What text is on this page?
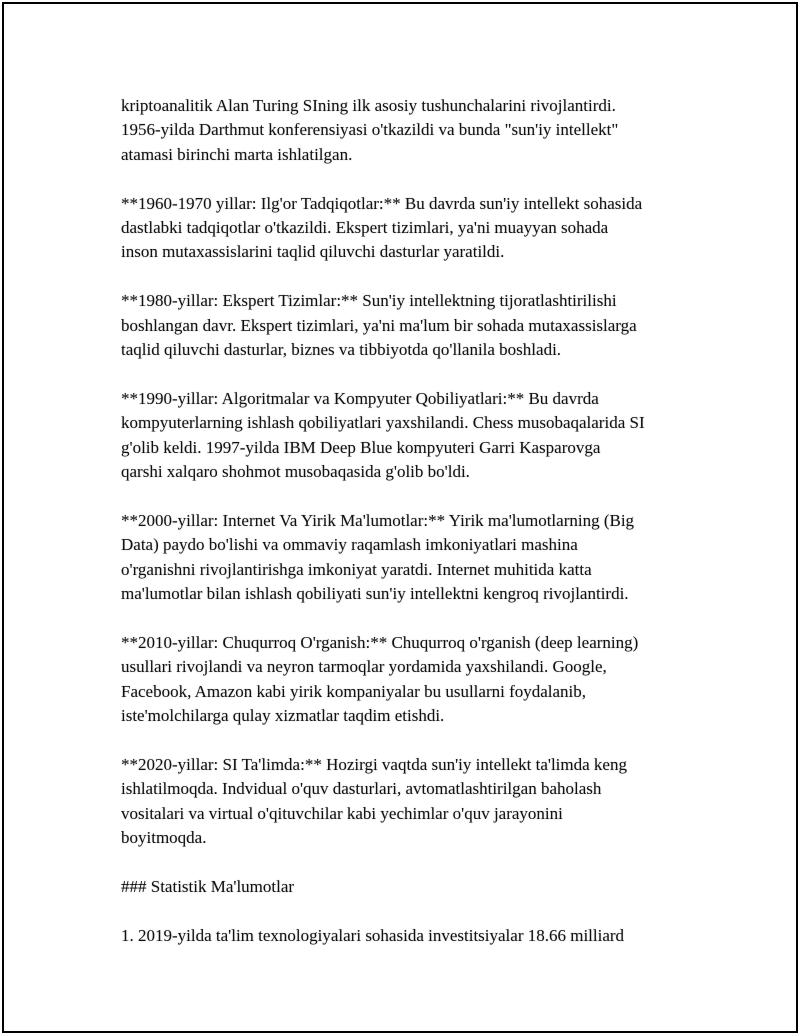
kriptoanalitik Alan Turing SIning ilk asosiy tushunchalarini rivojlantirdi.
1956-yilda Darthmut konferensiyasi o'tkazildi va bunda "sun'iy intellekt"
atamasi birinchi marta ishlatilgan.

**1960-1970 yillar: Ilg'or Tadqiqotlar:** Bu davrda sun'iy intellekt sohasida
dastlabki tadqiqotlar o'tkazildi. Ekspert tizimlari, ya'ni muayyan sohada
inson mutaxassislarini taqlid qiluvchi dasturlar yaratildi.

**1980-yillar: Ekspert Tizimlar:** Sun'iy intellektning tijoratlashtirilishi
boshlangan davr. Ekspert tizimlari, ya'ni ma'lum bir sohada mutaxassislarga
taqlid qiluvchi dasturlar, biznes va tibbiyotda qo'llanila boshladi.

**1990-yillar: Algoritmalar va Kompyuter Qobiliyatlari:** Bu davrda
kompyuterlarning ishlash qobiliyatlari yaxshilandi. Chess musobaqalarida SI
g'olib keldi. 1997-yilda IBM Deep Blue kompyuteri Garri Kasparovga
qarshi xalqaro shohmot musobaqasida g'olib bo'ldi.

**2000-yillar: Internet Va Yirik Ma'lumotlar:** Yirik ma'lumotlarning (Big
Data) paydo bo'lishi va ommaviy raqamlash imkoniyatlari mashina
o'rganishni rivojlantirishga imkoniyat yaratdi. Internet muhitida katta
ma'lumotlar bilan ishlash qobiliyati sun'iy intellektni kengroq rivojlantirdi.

**2010-yillar: Chuqurroq O'rganish:** Chuqurroq o'rganish (deep learning)
usullari rivojlandi va neyron tarmoqlar yordamida yaxshilandi. Google,
Facebook, Amazon kabi yirik kompaniyalar bu usullarni foydalanib,
iste'molchilarga qulay xizmatlar taqdim etishdi.

**2020-yillar: SI Ta'limda:** Hozirgi vaqtda sun'iy intellekt ta'limda keng
ishlatilmoqda. Indvidual o'quv dasturlari, avtomatlashtirilgan baholash
vositalari va virtual o'qituvchilar kabi yechimlar o'quv jarayonini
boyitmoqda.

### Statistik Ma'lumotlar

1. 2019-yilda ta'lim texnologiyalari sohasida investitsiyalar 18.66 milliard
